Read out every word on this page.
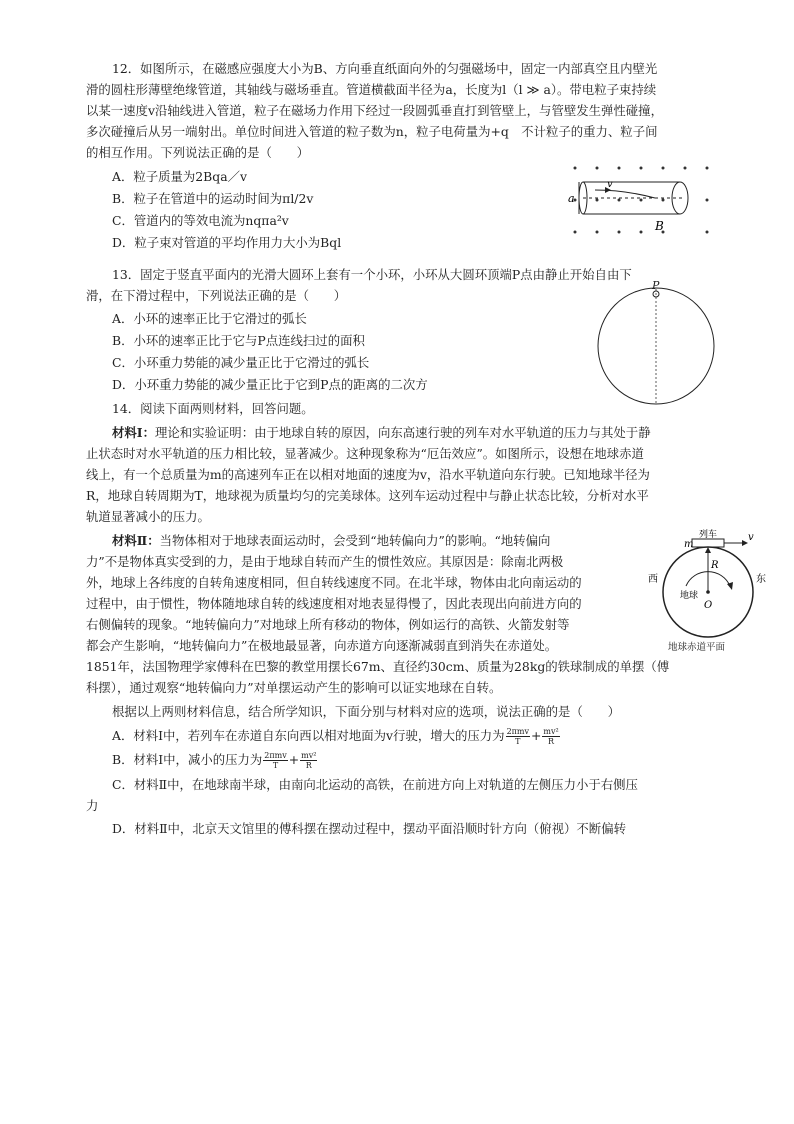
12．如图所示，在磁感应强度大小为B、方向垂直纸面向外的匀强磁场中，固定一内部真空且内壁光
滑的圆柱形薄壁绝缘管道，其轴线与磁场垂直。管道横截面半径为a，长度为l（l ≫ a）。带电粒子束持续
以某一速度v沿轴线进入管道，粒子在磁场力作用下经过一段圆弧垂直打到管壁上，与管壁发生弹性碰撞，
多次碰撞后从另一端射出。单位时间进入管道的粒子数为n，粒子电荷量为+q　不计粒子的重力、粒子间
的相互作用。下列说法正确的是（　　）
A．粒子质量为2Bqa／v
B．粒子在管道中的运动时间为πl/2v
C．管道内的等效电流为nqπa²v
D．粒子束对管道的平均作用力大小为Bql
v
a
B
13．固定于竖直平面内的光滑大圆环上套有一个小环，小环从大圆环顶端P点由静止开始自由下
滑，在下滑过程中，下列说法正确的是（　　）
A．小环的速率正比于它滑过的弧长
B．小环的速率正比于它与P点连线扫过的面积
C．小环重力势能的减少量正比于它滑过的弧长
D．小环重力势能的减少量正比于它到P点的距离的二次方
P
14．阅读下面两则材料，回答问题。
材料Ⅰ：理论和实验证明：由于地球自转的原因，向东高速行驶的列车对水平轨道的压力与其处于静
止状态时对水平轨道的压力相比较，显著减少。这种现象称为“厄缶效应”。如图所示，设想在地球赤道
线上，有一个总质量为m的高速列车正在以相对地面的速度为v，沿水平轨道向东行驶。已知地球半径为
R，地球自转周期为T，地球视为质量均匀的完美球体。这列车运动过程中与静止状态比较，分析对水平
轨道显著减小的压力。
材料Ⅱ：当物体相对于地球表面运动时，会受到“地转偏向力”的影响。“地转偏向
力”不是物体真实受到的力，是由于地球自转而产生的惯性效应。其原因是：除南北两极
外，地球上各纬度的自转角速度相同，但自转线速度不同。在北半球，物体由北向南运动的
过程中，由于惯性，物体随地球自转的线速度相对地表显得慢了，因此表现出向前进方向的
右侧偏转的现象。“地转偏向力”对地球上所有移动的物体，例如运行的高铁、火箭发射等
都会产生影响，“地转偏向力”在极地最显著，向赤道方向逐渐减弱直到消失在赤道处。
1851年，法国物理学家傅科在巴黎的教堂用摆长67m、直径约30cm、质量为28kg的铁球制成的单摆（傅
科摆），通过观察“地转偏向力”对单摆运动产生的影响可以证实地球在自转。
列车
m
v
R
西	东
地球
O
地球赤道平面
根据以上两则材料信息，结合所学知识，下面分别与材料对应的选项，说法正确的是（　　）
A．材料Ⅰ中，若列车在赤道自东向西以相对地面为v行驶，增大的压力为 $\frac{\text{2πmv}}{T} + \frac{\text{mv²}}{R}$
B．材料Ⅰ中，减小的压力为 $\frac{\text{2πmv}}{T} + \frac{\text{mv²}}{R}$
C．材料Ⅱ中，在地球南半球，由南向北运动的高铁，在前进方向上对轨道的左侧压力小于右侧压
力
D．材料Ⅱ中，北京天文馆里的傅科摆在摆动过程中，摆动平面沿顺时针方向（俯视）不断偏转
